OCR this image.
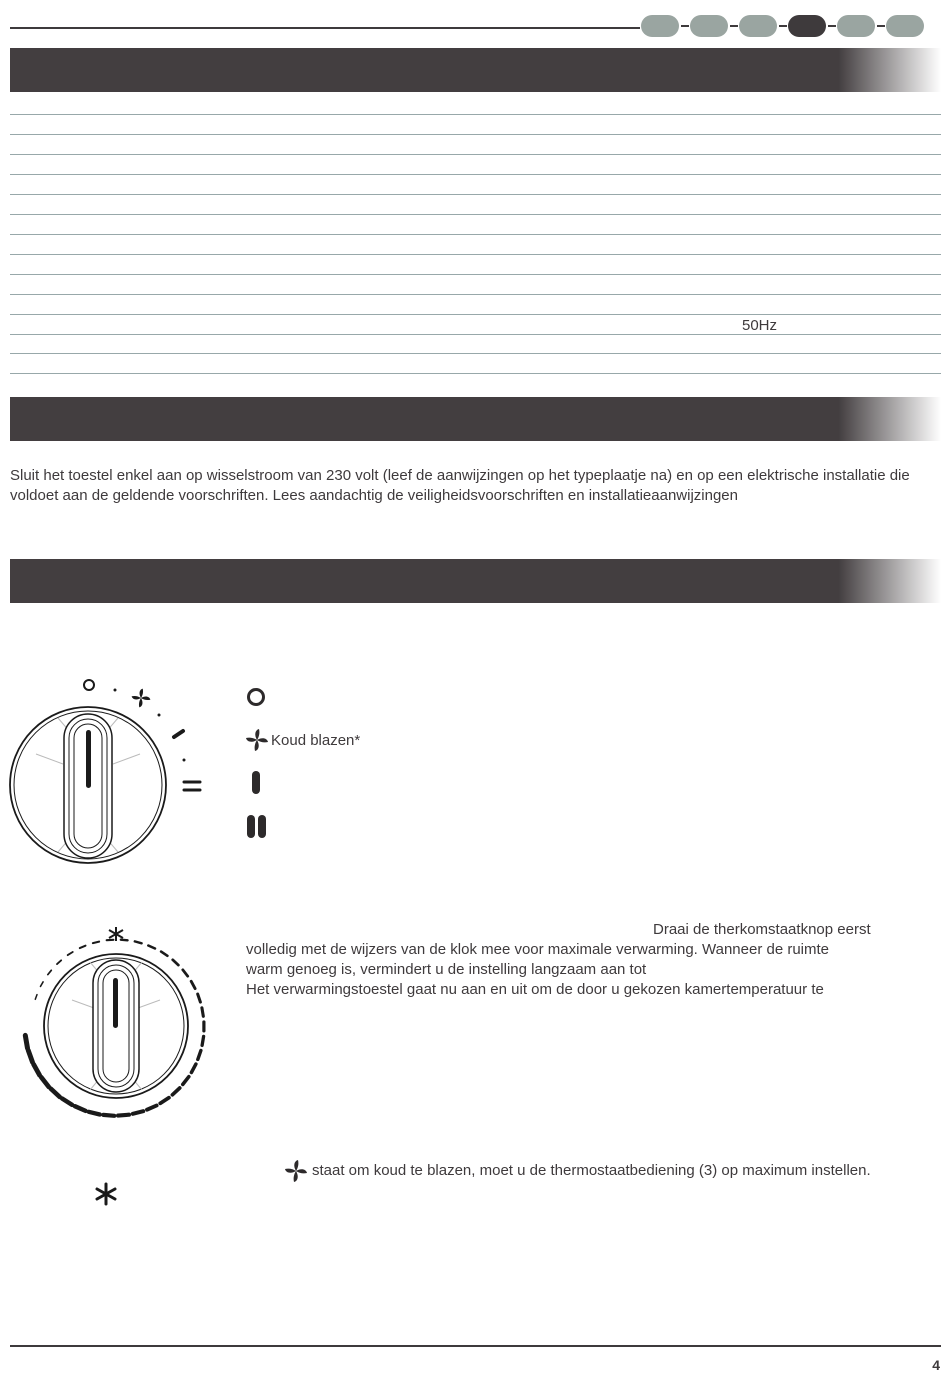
50Hz
Sluit het toestel enkel aan op wisselstroom van 230 volt (leef de aanwijzingen op het typeplaatje na) en op een elektrische installatie die voldoet aan de geldende voorschriften. Lees aandachtig de veiligheidsvoorschriften en installatieaanwijzingen
Koud blazen*
Draai de therkomstaatknop eerst
volledig met de wijzers van de klok mee voor maximale verwarming. Wanneer de ruimte
warm genoeg is, vermindert u de instelling langzaam aan tot
Het verwarmingstoestel gaat nu aan en uit om de door u gekozen kamertemperatuur te
staat om koud te blazen, moet u de thermostaatbediening (3) op maximum instellen.
4
